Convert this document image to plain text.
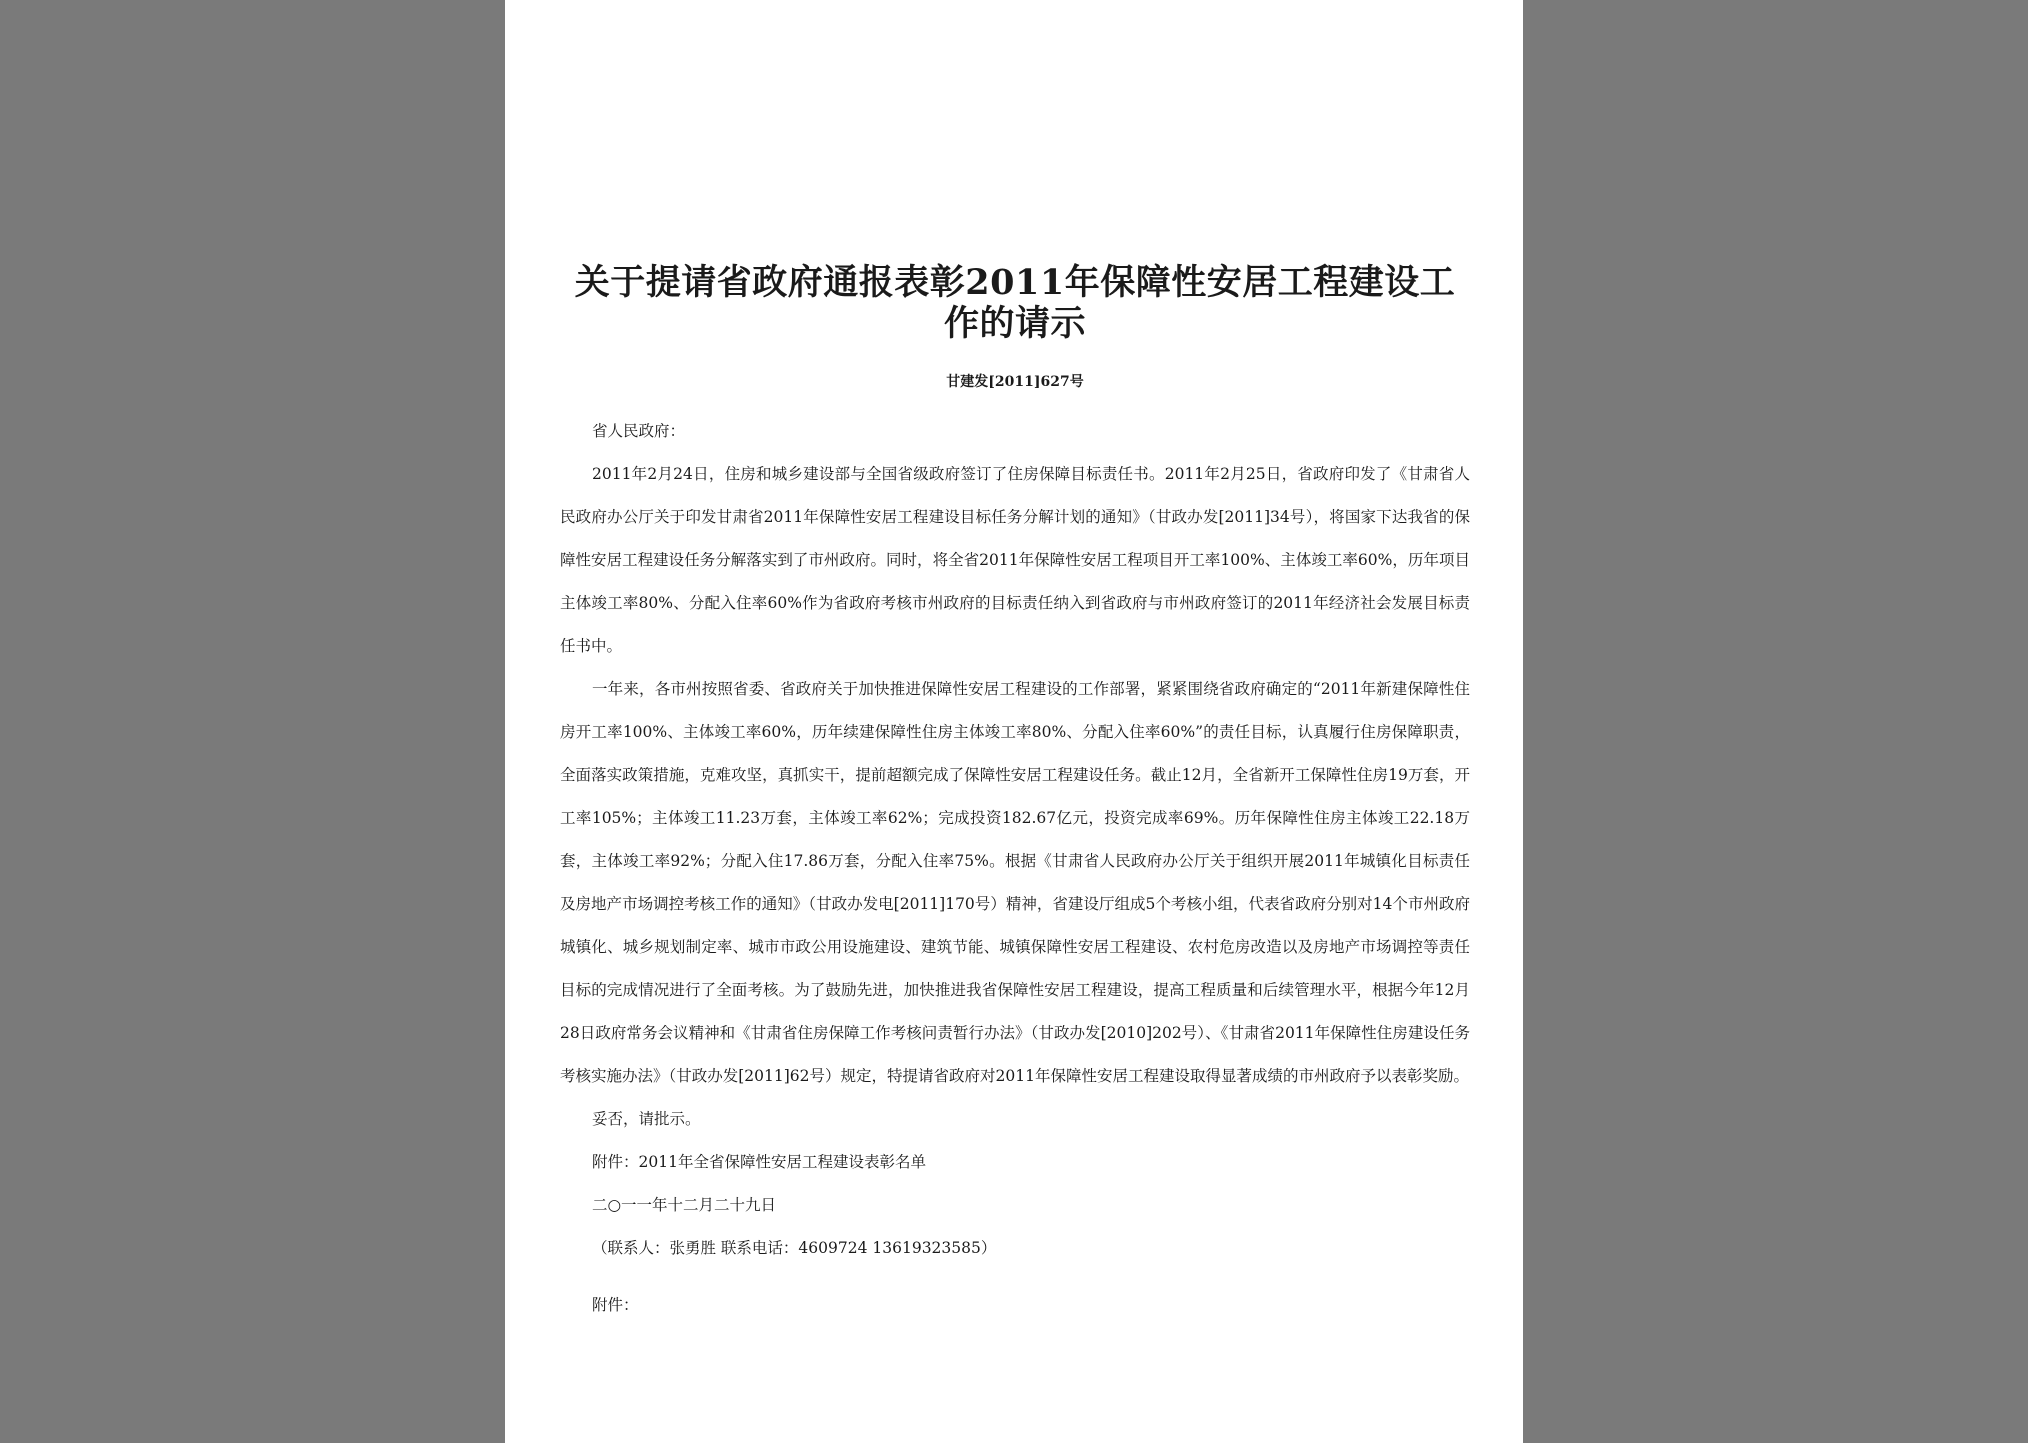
关于提请省政府通报表彰2011年保障性安居工程建设工作的请示
甘建发[2011]627号
省人民政府：
2011年2月24日，住房和城乡建设部与全国省级政府签订了住房保障目标责任书。2011年2月25日，省政府印发了《甘肃省人民政府办公厅关于印发甘肃省2011年保障性安居工程建设目标任务分解计划的通知》（甘政办发[2011]34号），将国家下达我省的保障性安居工程建设任务分解落实到了市州政府。同时，将全省2011年保障性安居工程项目开工率100%、主体竣工率60%，历年项目主体竣工率80%、分配入住率60%作为省政府考核市州政府的目标责任纳入到省政府与市州政府签订的2011年经济社会发展目标责任书中。
一年来，各市州按照省委、省政府关于加快推进保障性安居工程建设的工作部署，紧紧围绕省政府确定的“2011年新建保障性住房开工率100%、主体竣工率60%，历年续建保障性住房主体竣工率80%、分配入住率60%”的责任目标，认真履行住房保障职责，全面落实政策措施，克难攻坚，真抓实干，提前超额完成了保障性安居工程建设任务。截止12月，全省新开工保障性住房19万套，开工率105%；主体竣工11.23万套，主体竣工率62%；完成投资182.67亿元，投资完成率69%。历年保障性住房主体竣工22.18万套，主体竣工率92%；分配入住17.86万套，分配入住率75%。根据《甘肃省人民政府办公厅关于组织开展2011年城镇化目标责任及房地产市场调控考核工作的通知》（甘政办发电[2011]170号）精神，省建设厅组成5个考核小组，代表省政府分别对14个市州政府城镇化、城乡规划制定率、城市市政公用设施建设、建筑节能、城镇保障性安居工程建设、农村危房改造以及房地产市场调控等责任目标的完成情况进行了全面考核。为了鼓励先进，加快推进我省保障性安居工程建设，提高工程质量和后续管理水平，根据今年12月28日政府常务会议精神和《甘肃省住房保障工作考核问责暂行办法》（甘政办发[2010]202号）、《甘肃省2011年保障性住房建设任务考核实施办法》（甘政办发[2011]62号）规定，特提请省政府对2011年保障性安居工程建设取得显著成绩的市州政府予以表彰奖励。
妥否，请批示。
附件：2011年全省保障性安居工程建设表彰名单
二○一一年十二月二十九日
（联系人：张勇胜 联系电话：4609724 13619323585）
附件：
